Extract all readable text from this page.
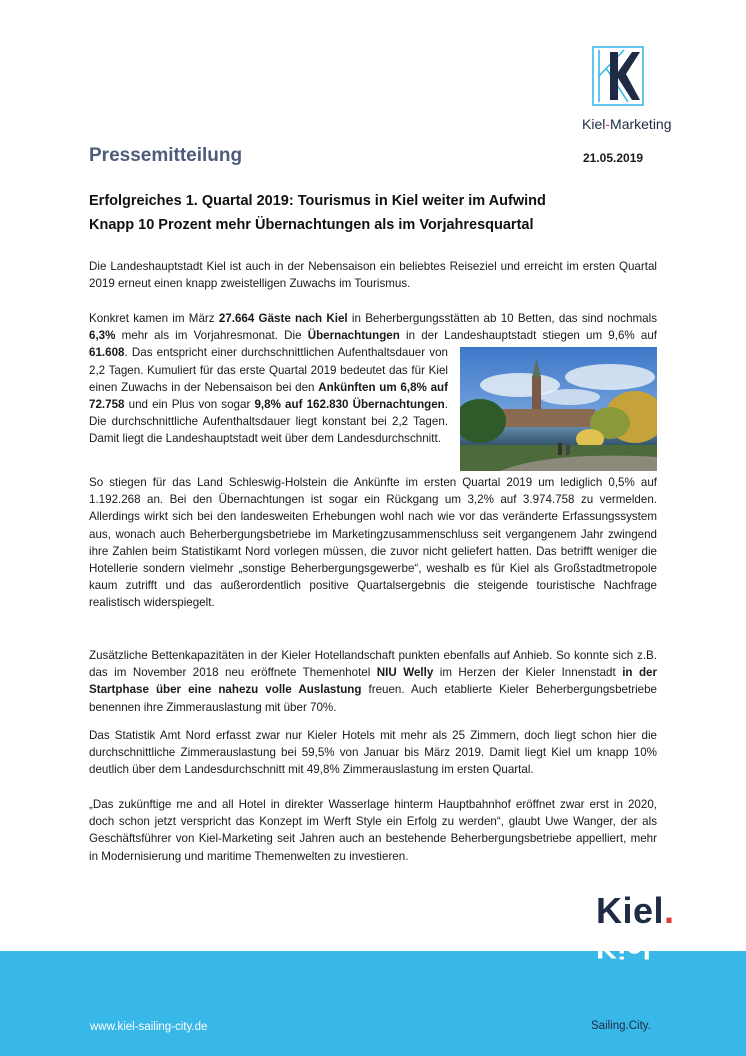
Kiel-Marketing
Pressemitteilung	21.05.2019
Erfolgreiches 1. Quartal 2019: Tourismus in Kiel weiter im Aufwind
Knapp 10 Prozent mehr Übernachtungen als im Vorjahresquartal

Die Landeshauptstadt Kiel ist auch in der Nebensaison ein beliebtes Reiseziel und erreicht im ersten Quartal 2019 erneut einen knapp zweistelligen Zuwachs im Tourismus.

Konkret kamen im März 27.664 Gäste nach Kiel in Beherbergungsstätten ab 10 Betten, das sind nochmals 6,3% mehr als im Vorjahresmonat. Die Übernachtungen in der Landeshauptstadt stiegen um 9,6% auf 61.608
. Das entspricht einer durchschnittlichen Aufenthaltsdauer von 2,2 Tagen. Kumuliert für das erste Quartal 2019 bedeutet das für Kiel einen Zuwachs in der Nebensaison bei den Ankünften um 6,8% auf 72.758 und ein Plus von sogar 9,8% auf 162.830 Übernachtungen. Die durchschnittliche Aufenthaltsdauer liegt konstant bei 2,2 Tagen. Damit liegt die Landeshauptstadt weit über dem Landesdurchschnitt.

So stiegen für das Land Schleswig-Holstein die Ankünfte im ersten Quartal 2019 um lediglich 0,5% auf 1.192.268 an. Bei den Übernachtungen ist sogar ein Rückgang um 3,2% auf 3.974.758 zu vermelden. Allerdings wirkt sich bei den landesweiten Erhebungen wohl nach wie vor das veränderte Erfassungssystem aus, wonach auch Beherbergungsbetriebe im Marketingzusammenschluss seit vergangenem Jahr zwingend ihre Zahlen beim Statistikamt Nord vorlegen müssen, die zuvor nicht geliefert hatten. Das betrifft weniger die Hotellerie sondern vielmehr „sonstige Beherbergungsgewerbe“, weshalb es für Kiel als Großstadtmetropole kaum zutrifft und das außerordentlich positive Quartalsergebnis die steigende touristische Nachfrage realistisch widerspiegelt.

Zusätzliche Bettenkapazitäten in der Kieler Hotellandschaft punkten ebenfalls auf Anhieb. So konnte sich z.B. das im November 2018 neu eröffnete Themenhotel NIU Welly im Herzen der Kieler Innenstadt in der Startphase über eine nahezu volle Auslastung freuen. Auch etablierte Kieler Beherbergungsbetriebe benennen ihre Zimmerauslastung mit über 70%.

Das Statistik Amt Nord erfasst zwar nur Kieler Hotels mit mehr als 25 Zimmern, doch liegt schon hier die durchschnittliche Zimmerauslastung bei 59,5% von Januar bis März 2019. Damit liegt Kiel um knapp 10% deutlich über dem Landesdurchschnitt mit 49,8% Zimmerauslastung im ersten Quartal.

„Das zukünftige me and all Hotel in direkter Wasserlage hinterm Hauptbahnhof eröffnet zwar erst in 2020, doch schon jetzt verspricht das Konzept im Werft Style ein Erfolg zu werden“, glaubt Uwe Wanger, der als Geschäftsführer von Kiel-Marketing seit Jahren auch an bestehende Beherbergungsbetriebe appelliert, mehr in Modernisierung und maritime Themenwelten zu investieren.

www.kiel-sailing-city.de
Kiel.
Kiel
Sailing.City.
